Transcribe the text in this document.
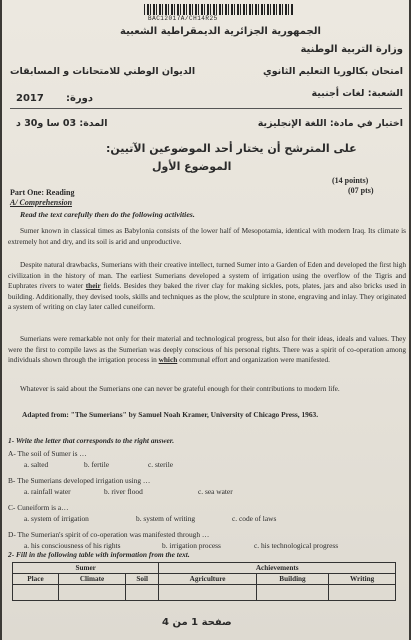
BAC12017A/CH14R25
الجمهورية الجزائرية الديمقراطية الشعبية
وزارة التربية الوطنية
الديوان الوطني للامتحانات و المسابقات	امتحان بكالوريا التعليم الثانوي
2017 دورة:	الشعبة: لغات أجنبية
المدة: 03 سا و30 د	اختبار في مادة: اللغة الإنجليزية
على المترشح أن يختار أحد الموضوعين الآتيين:
الموضوع الأول
Part One: Reading
(14 points)
A/ Comprehension
(07 pts)
Read the text carefully then do the following activities.

Sumer known in classical times as Babylonia consists of the lower half of Mesopotamia, identical with modern Iraq. Its climate is extremely hot and dry, and its soil is arid and unproductive.

Despite natural drawbacks, Sumerians with their creative intellect, turned Sumer into a Garden of Eden and developed the first high civilization in the history of man. The earliest Sumerians developed a system of irrigation using the overflow of the Tigris and Euphrates rivers to water their fields. Besides they baked the river clay for making sickles, pots, plates, jars and also bricks used in building. Additionally, they devised tools, skills and techniques as the plow, the sculpture in stone, engraving and inlay. They originated a system of writing on clay later called cuneiform.

Sumerians were remarkable not only for their material and technological progress, but also for their ideas, ideals and values. They were the first to compile laws as the Sumerian was deeply conscious of his personal rights. There was a spirit of co-operation among individuals shown through the irrigation process in which communal effort and organization were manifested.

Whatever is said about the Sumerians one can never be grateful enough for their contributions to modern life.

Adapted from: "The Sumerians" by Samuel Noah Kramer, University of Chicago Press, 1963.
1- Write the letter that corresponds to the right answer.
A- The soil of Sumer is …
a. salted	b. fertile	c. sterile
B- The Sumerians developed irrigation using …
a. rainfall water	b. river flood	c. sea water
C- Cuneiform is a…
a. system of irrigation	b. system of writing	c. code of laws
D- The Sumerian's spirit of co-operation was manifested through …
a. his consciousness of his rights	b. irrigation process	c. his technological progress
2- Fill in the following table with information from the text.
Sumer			Achievements		
Place	Climate	Soil	Agriculture	Building	Writing

صفحة 1 من 4
